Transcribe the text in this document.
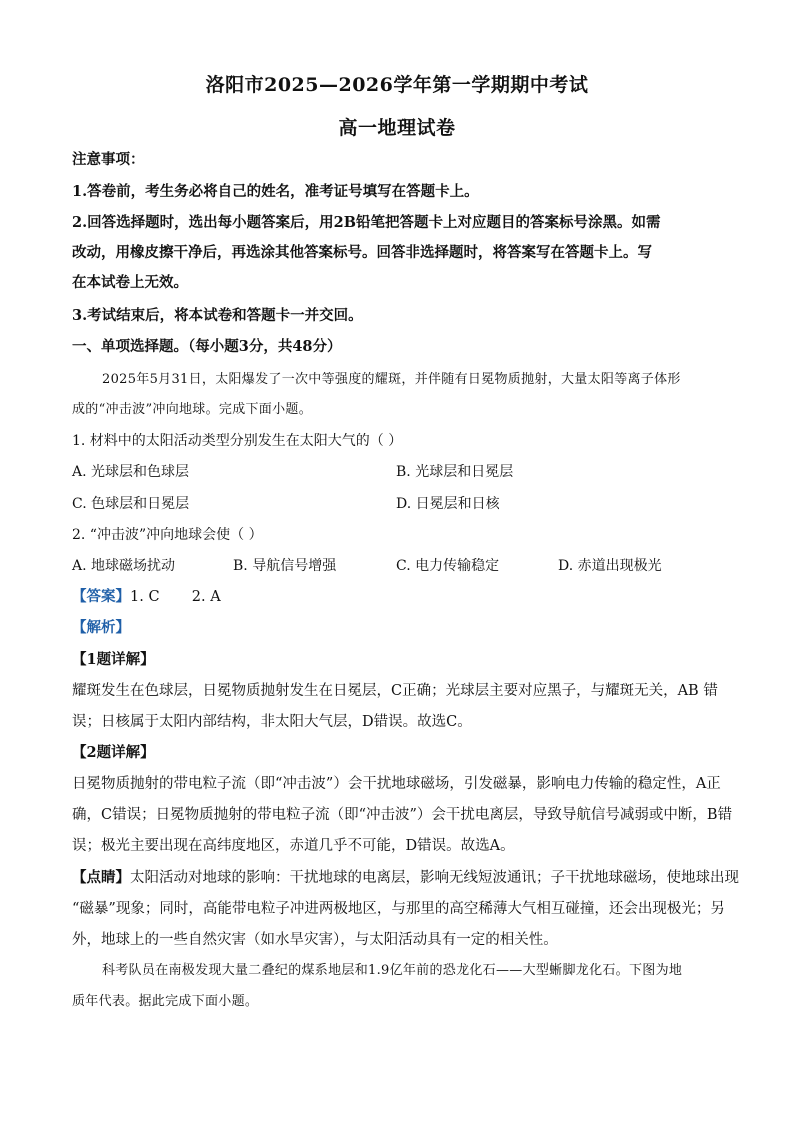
洛阳市2025—2026学年第一学期期中考试
高一地理试卷
注意事项：
1.答卷前，考生务必将自己的姓名，准考证号填写在答题卡上。
2.回答选择题时，选出每小题答案后，用2B铅笔把答题卡上对应题目的答案标号涂黑。如需
改动，用橡皮擦干净后，再选涂其他答案标号。回答非选择题时，将答案写在答题卡上。写
在本试卷上无效。
3.考试结束后，将本试卷和答题卡一并交回。
一、单项选择题。（每小题3分，共48分）
2025年5月31日，太阳爆发了一次中等强度的耀斑，并伴随有日冕物质抛射，大量太阳等离子体形
成的“冲击波”冲向地球。完成下面小题。
1. 材料中的太阳活动类型分别发生在太阳大气的（ ）
A. 光球层和色球层	B. 光球层和日冕层
C. 色球层和日冕层	D. 日冕层和日核
2. “冲击波”冲向地球会使（ ）
A. 地球磁场扰动	B. 导航信号增强	C. 电力传输稳定	D. 赤道出现极光
【答案】1. C       2. A
【解析】
【1题详解】
耀斑发生在色球层，日冕物质抛射发生在日冕层，C正确；光球层主要对应黑子，与耀斑无关，AB 错
误；日核属于太阳内部结构，非太阳大气层，D错误。故选C。
【2题详解】
日冕物质抛射的带电粒子流（即“冲击波”）会干扰地球磁场，引发磁暴，影响电力传输的稳定性，A正
确，C错误；日冕物质抛射的带电粒子流（即“冲击波”）会干扰电离层，导致导航信号减弱或中断，B错
误；极光主要出现在高纬度地区，赤道几乎不可能，D错误。故选A。
【点睛】太阳活动对地球的影响：干扰地球的电离层，影响无线短波通讯；子干扰地球磁场，使地球出现
“磁暴”现象；同时，高能带电粒子冲进两极地区，与那里的高空稀薄大气相互碰撞，还会出现极光；另
外，地球上的一些自然灾害（如水旱灾害），与太阳活动具有一定的相关性。
科考队员在南极发现大量二叠纪的煤系地层和1.9亿年前的恐龙化石——大型蜥脚龙化石。下图为地
质年代表。据此完成下面小题。
